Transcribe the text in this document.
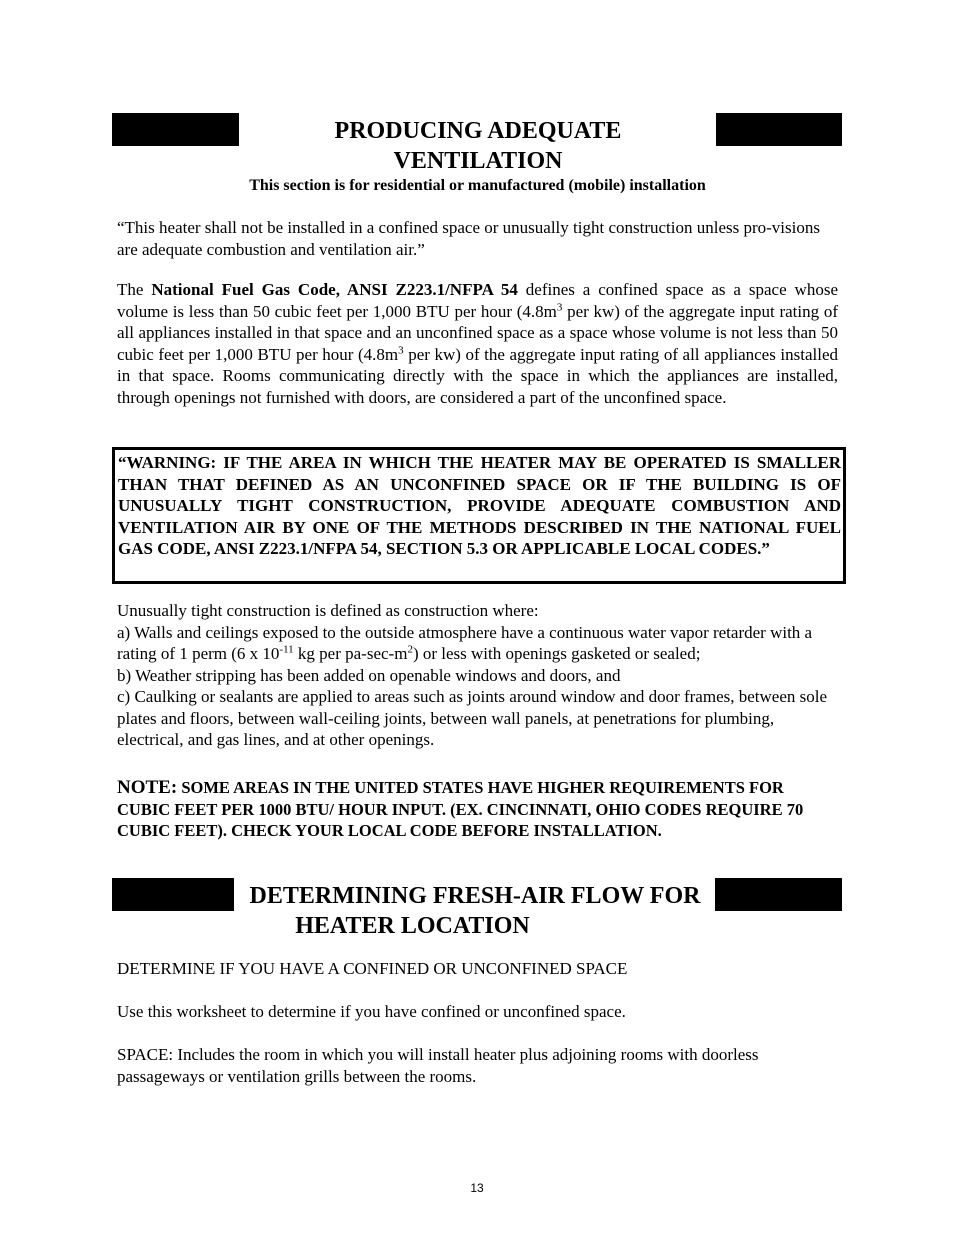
PRODUCING ADEQUATE
VENTILATION
This section is for residential or manufactured (mobile) installation
“This heater shall not be installed in a confined space or unusually tight construction unless pro-visions are adequate combustion and ventilation air.”
The National Fuel Gas Code, ANSI Z223.1/NFPA 54 defines a confined space as a space whose volume is less than 50 cubic feet per 1,000 BTU per hour ($4.8m^3$ per kw) of the aggregate input rating of all appliances installed in that space and an unconfined space as a space whose volume is not less than 50 cubic feet per 1,000 BTU per hour ($4.8m^3$ per kw) of the aggregate input rating of all appliances installed in that space. Rooms communicating directly with the space in which the appliances are installed, through openings not furnished with doors, are considered a part of the unconfined space.
“WARNING: IF THE AREA IN WHICH THE HEATER MAY BE OPERATED IS SMALLER THAN THAT DEFINED AS AN UNCONFINED SPACE OR IF THE BUILDING IS OF UNUSUALLY TIGHT CONSTRUCTION, PROVIDE ADEQUATE COMBUSTION AND VENTILATION AIR BY ONE OF THE METHODS DESCRIBED IN THE NATIONAL FUEL GAS CODE, ANSI Z223.1/NFPA 54, SECTION 5.3 OR APPLICABLE LOCAL CODES.”
Unusually tight construction is defined as construction where:
a) Walls and ceilings exposed to the outside atmosphere have a continuous water vapor retarder with a rating of 1 perm (6 x $10^{-11}$ kg per $pa-\sec-m^2$) or less with openings gasketed or sealed;
b) Weather stripping has been added on openable windows and doors, and
c) Caulking or sealants are applied to areas such as joints around window and door frames, between sole plates and floors, between wall-ceiling joints, between wall panels, at penetrations for plumbing, electrical, and gas lines, and at other openings.
NOTE: SOME AREAS IN THE UNITED STATES HAVE HIGHER REQUIREMENTS FOR CUBIC FEET PER 1000 BTU/ HOUR INPUT. (EX. CINCINNATI, OHIO CODES REQUIRE 70 CUBIC FEET). CHECK YOUR LOCAL CODE BEFORE INSTALLATION.
DETERMINING FRESH-AIR FLOW FOR
HEATER LOCATION
DETERMINE IF YOU HAVE A CONFINED OR UNCONFINED SPACE
Use this worksheet to determine if you have confined or unconfined space.
SPACE: Includes the room in which you will install heater plus adjoining rooms with doorless passageways or ventilation grills between the rooms.
13
